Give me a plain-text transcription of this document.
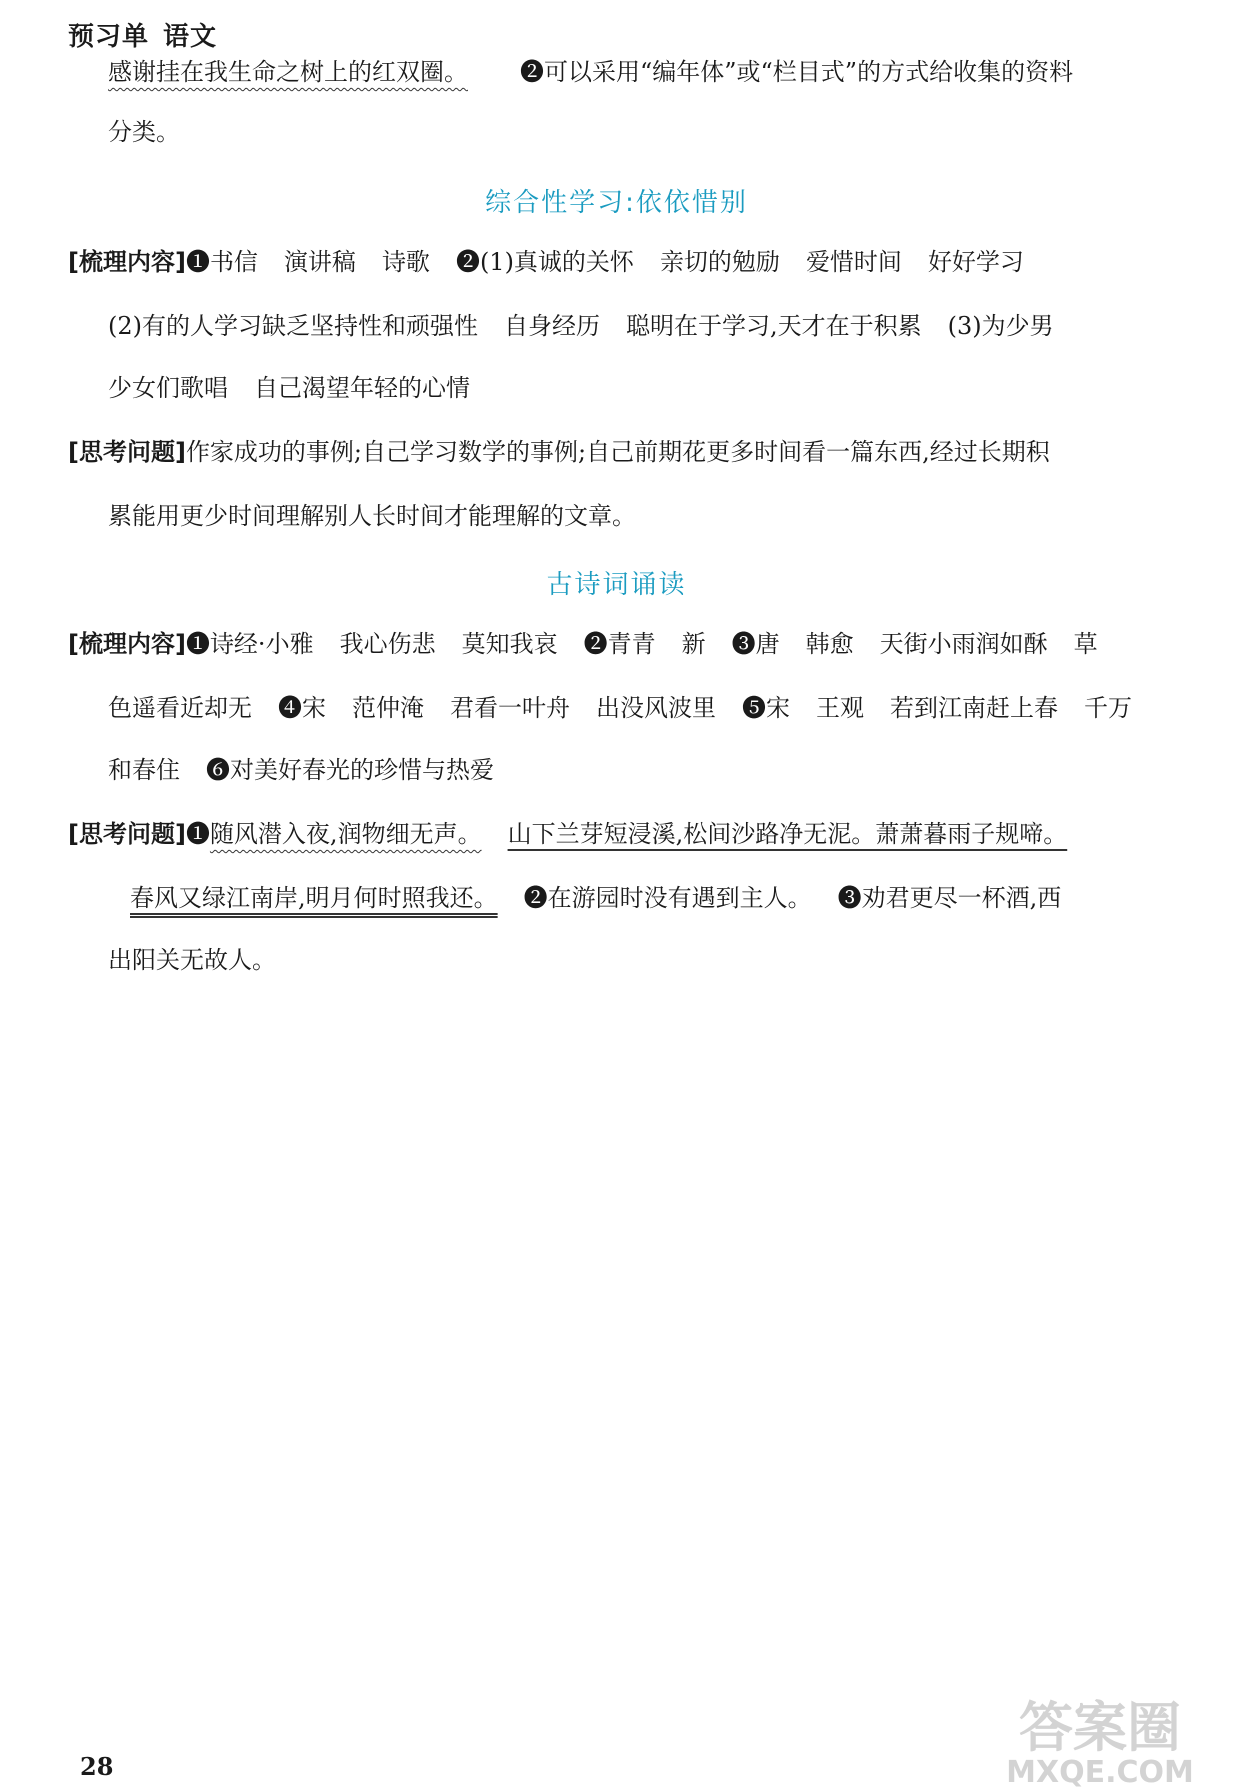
预习单 语文
感谢挂在我生命之树上的红双圈。 ❷可以采用“编年体”或“栏目式”的方式给收集的资料
分类。
综合性学习:依依惜别
[梳理内容]❶书信 演讲稿 诗歌 ❷(1)真诚的关怀 亲切的勉励 爱惜时间 好好学习
(2)有的人学习缺乏坚持性和顽强性 自身经历 聪明在于学习,天才在于积累 (3)为少男
少女们歌唱 自己渴望年轻的心情
[思考问题]作家成功的事例;自己学习数学的事例;自己前期花更多时间看一篇东西,经过长期积
累能用更少时间理解别人长时间才能理解的文章。
古诗词诵读
[梳理内容]❶诗经·小雅 我心伤悲 莫知我哀 ❷青青 新 ❸唐 韩愈 天街小雨润如酥 草
色遥看近却无 ❹宋 范仲淹 君看一叶舟 出没风波里 ❺宋 王观 若到江南赶上春 千万
和春住 ❻对美好春光的珍惜与热爱
[思考问题]❶随风潜入夜,润物细无声。 山下兰芽短浸溪,松间沙路净无泥。萧萧暮雨子规啼。
春风又绿江南岸,明月何时照我还。 ❷在游园时没有遇到主人。 ❸劝君更尽一杯酒,西
出阳关无故人。
28
答案圈
MXQE.COM
